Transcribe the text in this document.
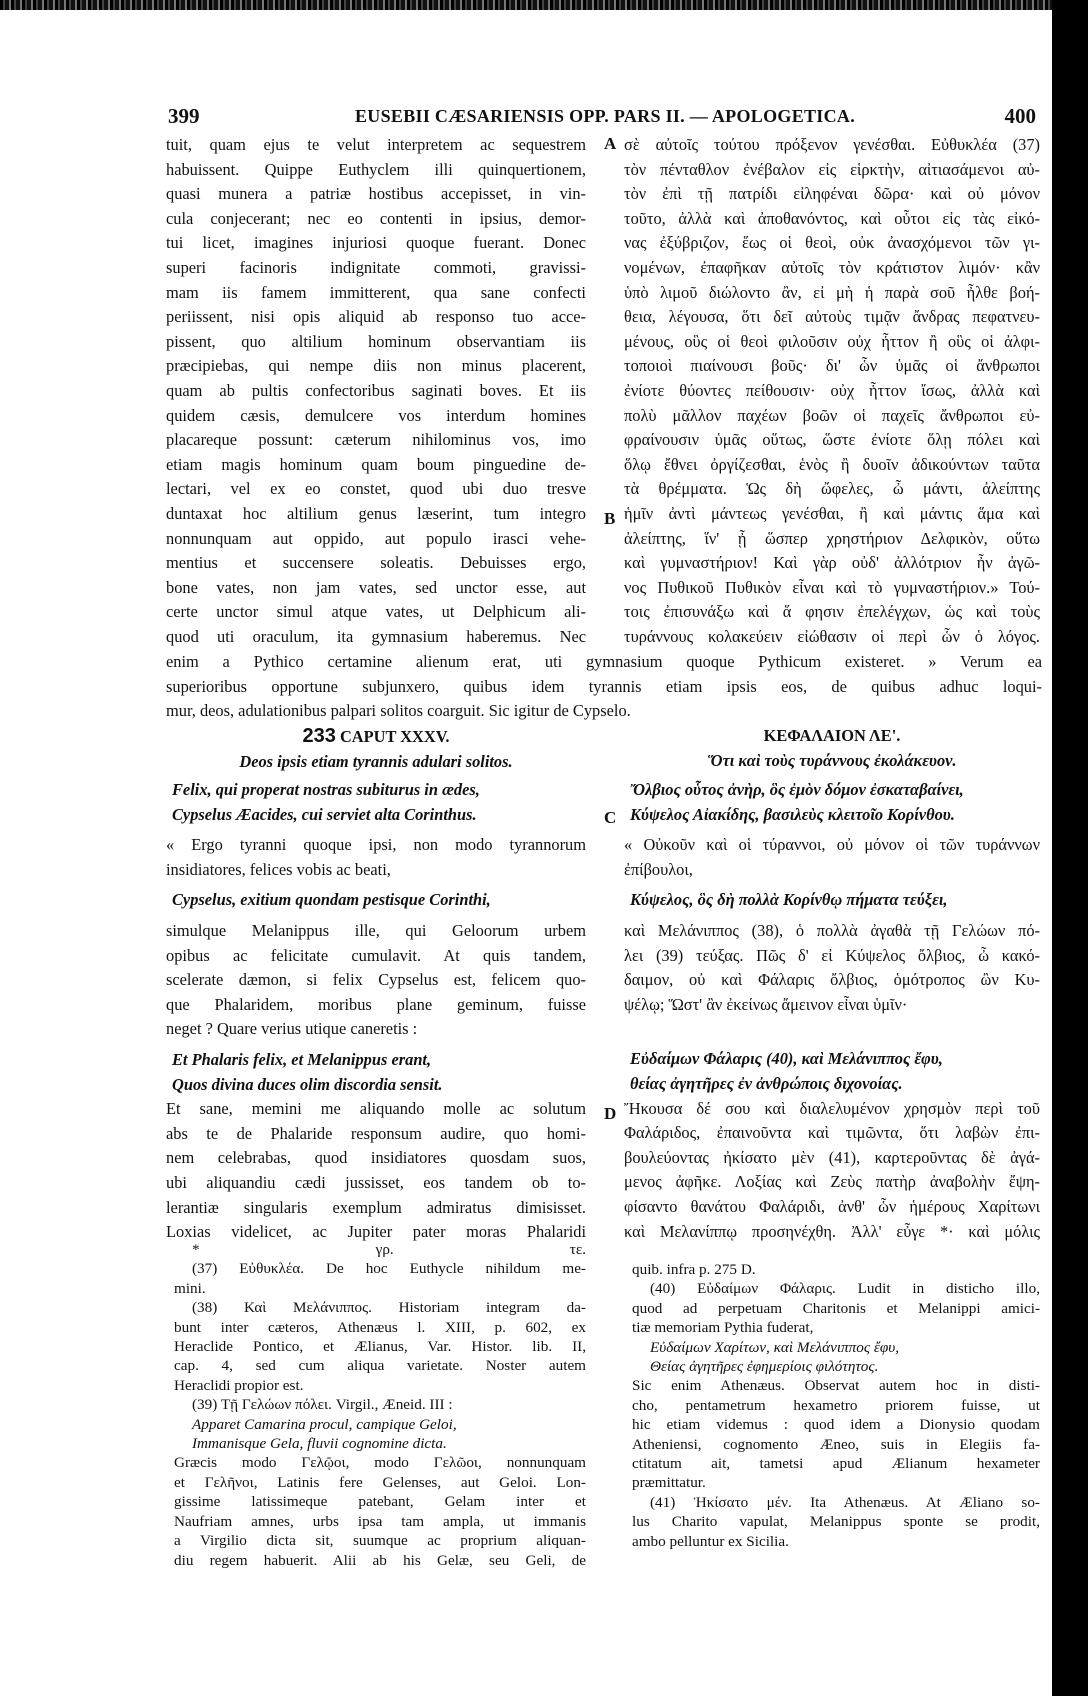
399	EUSEBII CÆSARIENSIS OPP. PARS II. — APOLOGETICA.	400
A
B
C
D
tuit, quam ejus te velut interpretem ac sequestrem
habuissent. Quippe Euthyclem illi quinquertionem,
quasi munera a patriæ hostibus accepisset, in vin-
cula conjecerant; nec eo contenti in ipsius, demor-
tui licet, imagines injuriosi quoque fuerant. Donec
superi facinoris indignitate commoti, gravissi-
mam iis famem immitterent, qua sane confecti
periissent, nisi opis aliquid ab responso tuo acce-
pissent, quo altilium hominum observantiam iis
præcipiebas, qui nempe diis non minus placerent,
quam ab pultis confectoribus saginati boves. Et iis
quidem cæsis, demulcere vos interdum homines
placareque possunt: cæterum nihilominus vos, imo
etiam magis hominum quam boum pinguedine de-
lectari, vel ex eo constet, quod ubi duo tresve
duntaxat hoc altilium genus læserint, tum integro
nonnunquam aut oppido, aut populo irasci vehe-
mentius et succensere soleatis. Debuisses ergo,
bone vates, non jam vates, sed unctor esse, aut
certe unctor simul atque vates, ut Delphicum ali-
quod uti oraculum, ita gymnasium haberemus. Nec
σὲ αὐτοῖς τούτου πρόξενον γενέσθαι. Εὐθυκλέα (37)
τὸν πένταθλον ἐνέβαλον εἰς εἱρκτὴν, αἰτιασάμενοι αὐ-
τὸν ἐπὶ τῇ πατρίδι εἰληφέναι δῶρα· καὶ οὐ μόνον
τοῦτο, ἀλλὰ καὶ ἀποθανόντος, καὶ οὗτοι εἰς τὰς εἰκό-
νας ἐξύβριζον, ἕως οἱ θεοὶ, οὐκ ἀνασχόμενοι τῶν γι-
νομένων, ἐπαφῆκαν αὐτοῖς τὸν κράτιστον λιμόν· κἂν
ὑπὸ λιμοῦ διώλοντο ἂν, εἰ μὴ ἡ παρὰ σοῦ ἦλθε βοή-
θεια, λέγουσα, ὅτι δεῖ αὐτοὺς τιμᾷν ἄνδρας πεφατνευ-
μένους, οὓς οἱ θεοὶ φιλοῦσιν οὐχ ἧττον ἢ οὓς οἱ ἀλφι-
τοποιοὶ πιαίνουσι βοῦς· δι' ὧν ὑμᾶς οἱ ἄνθρωποι
ἐνίοτε θύοντες πείθουσιν· οὐχ ἧττον ἴσως, ἀλλὰ καὶ
πολὺ μᾶλλον παχέων βοῶν οἱ παχεῖς ἄνθρωποι εὐ-
φραίνουσιν ὑμᾶς οὕτως, ὥστε ἐνίοτε ὅλῃ πόλει καὶ
ὅλῳ ἔθνει ὀργίζεσθαι, ἑνὸς ἢ δυοῖν ἀδικούντων ταῦτα
τὰ θρέμματα. Ὡς δὴ ὤφελες, ὦ μάντι, ἀλείπτης
ἡμῖν ἀντὶ μάντεως γενέσθαι, ἢ καὶ μάντις ἅμα καὶ
ἀλείπτης, ἵν' ᾖ ὥσπερ χρηστήριον Δελφικὸν, οὕτω
καὶ γυμναστήριον! Καὶ γὰρ οὐδ' ἀλλότριον ἦν ἀγῶ-
νος Πυθικοῦ Πυθικὸν εἶναι καὶ τὸ γυμναστήριον.» Τού-
τοις ἐπισυνάξω καὶ ἅ φησιν ἐπελέγχων, ὡς καὶ τοὺς
τυράννους κολακεύειν εἰώθασιν οἱ περὶ ὧν ὁ λόγος.
enim a Pythico certamine alienum erat, uti gymnasium quoque Pythicum existeret. » Verum ea
superioribus opportune subjunxero, quibus idem tyrannis etiam ipsis eos, de quibus adhuc loqui-
mur, deos, adulationibus palpari solitos coarguit. Sic igitur de Cypselo.
233 CAPUT XXXV.
Deos ipsis etiam tyrannis adulari solitos.
ΚΕΦΑΛΑΙΟΝ ΛΕ'.
Ὅτι καὶ τοὺς τυράννους ἐκολάκευον.
Felix, qui properat nostras subiturus in ædes,
Cypselus Æacides, cui serviet alta Corinthus.
« Ergo tyranni quoque ipsi, non modo tyrannorum
insidiatores, felices vobis ac beati,
Cypselus, exitium quondam pestisque Corinthi,
simulque Melanippus ille, qui Geloorum urbem
opibus ac felicitate cumulavit. At quis tandem,
scelerate dæmon, si felix Cypselus est, felicem quo-
que Phalaridem, moribus plane geminum, fuisse
neget ? Quare verius utique caneretis :
Et Phalaris felix, et Melanippus erant,
Quos divina duces olim discordia sensit.
Et sane, memini me aliquando molle ac solutum
abs te de Phalaride responsum audire, quo homi-
nem celebrabas, quod insidiatores quosdam suos,
ubi aliquandiu cædi jussisset, eos tandem ob to-
lerantiæ singularis exemplum admiratus dimisisset.
Loxias videlicet, ac Jupiter pater moras Phalaridi
Ὄλβιος οὗτος ἀνὴρ, ὃς ἐμὸν δόμον ἐσκαταβαίνει,
Κύψελος Αἰακίδης, βασιλεὺς κλειτοῖο Κορίνθου.
« Οὐκοῦν καὶ οἱ τύραννοι, οὐ μόνον οἱ τῶν τυράννων
ἐπίβουλοι,
Κύψελος, ὃς δὴ πολλὰ Κορίνθῳ πήματα τεύξει,
καὶ Μελάνιππος (38), ὁ πολλὰ ἀγαθὰ τῇ Γελώων πό-
λει (39) τεύξας. Πῶς δ' εἰ Κύψελος ὄλβιος, ὦ κακό-
δαιμον, οὐ καὶ Φάλαρις ὄλβιος, ὁμότροπος ὢν Κυ-
ψέλῳ; Ὥστ' ἂν ἐκείνως ἄμεινον εἶναι ὑμῖν·
Εὐδαίμων Φάλαρις (40), καὶ Μελάνιππος ἔφυ,
θείας ἀγητῆρες ἐν ἀνθρώποις διχονοίας.
Ἤκουσα δέ σου καὶ διαλελυμένον χρησμὸν περὶ τοῦ
Φαλάριδος, ἐπαινοῦντα καὶ τιμῶντα, ὅτι λαβὼν ἐπι-
βουλεύοντας ἠκίσατο μὲν (41), καρτεροῦντας δὲ ἀγά-
μενος ἀφῆκε. Λοξίας καὶ Ζεὺς πατὴρ ἀναβολὴν ἔψη-
φίσαντο θανάτου Φαλάριδι, ἀνθ' ὧν ἡμέρους Χαρίτωνι
καὶ Μελανίππῳ προσηνέχθη. Ἀλλ' εὖγε *· καὶ μόλις
* γρ. τε.
(37) Εὐθυκλέα. De hoc Euthycle nihildum me-
mini.
(38) Καὶ Μελάνιππος. Historiam integram da-
bunt inter cæteros, Athenæus l. XIII, p. 602, ex
Heraclide Pontico, et Ælianus, Var. Histor. lib. II,
cap. 4, sed cum aliqua varietate. Noster autem
Heraclidi propior est.
(39) Τῇ Γελώων πόλει. Virgil., Æneid. III :
Apparet Camarina procul, campique Geloi,
Immanisque Gela, fluvii cognomine dicta.
Græcis modo Γελῷοι, modo Γελῶοι, nonnunquam
et Γελῆνοι, Latinis fere Gelenses, aut Geloi. Lon-
gissime latissimeque patebant, Gelam inter et
Naufriam amnes, urbs ipsa tam ampla, ut immanis
a Virgilio dicta sit, suumque ac proprium aliquan-
diu regem habuerit. Alii ab his Gelæ, seu Geli, de
quib. infra p. 275 D.
(40) Εὐδαίμων Φάλαρις. Ludit in disticho illo,
quod ad perpetuam Charitonis et Melanippi amici-
tiæ memoriam Pythia fuderat,
Εὐδαίμων Χαρίτων, καὶ Μελάνιππος ἔφυ,
Θείας ἀγητῆρες ἐφημερίοις φιλότητος.
Sic enim Athenæus. Observat autem hoc in disti-
cho, pentametrum hexametro priorem fuisse, ut
hic etiam videmus : quod idem a Dionysio quodam
Atheniensi, cognomento Æneo, suis in Elegiis fa-
ctitatum ait, tametsi apud Ælianum hexameter
præmittatur.
(41) Ἠκίσατο μέν. Ita Athenæus. At Æliano so-
lus Charito vapulat, Melanippus sponte se prodit,
ambo pelluntur ex Sicilia.
